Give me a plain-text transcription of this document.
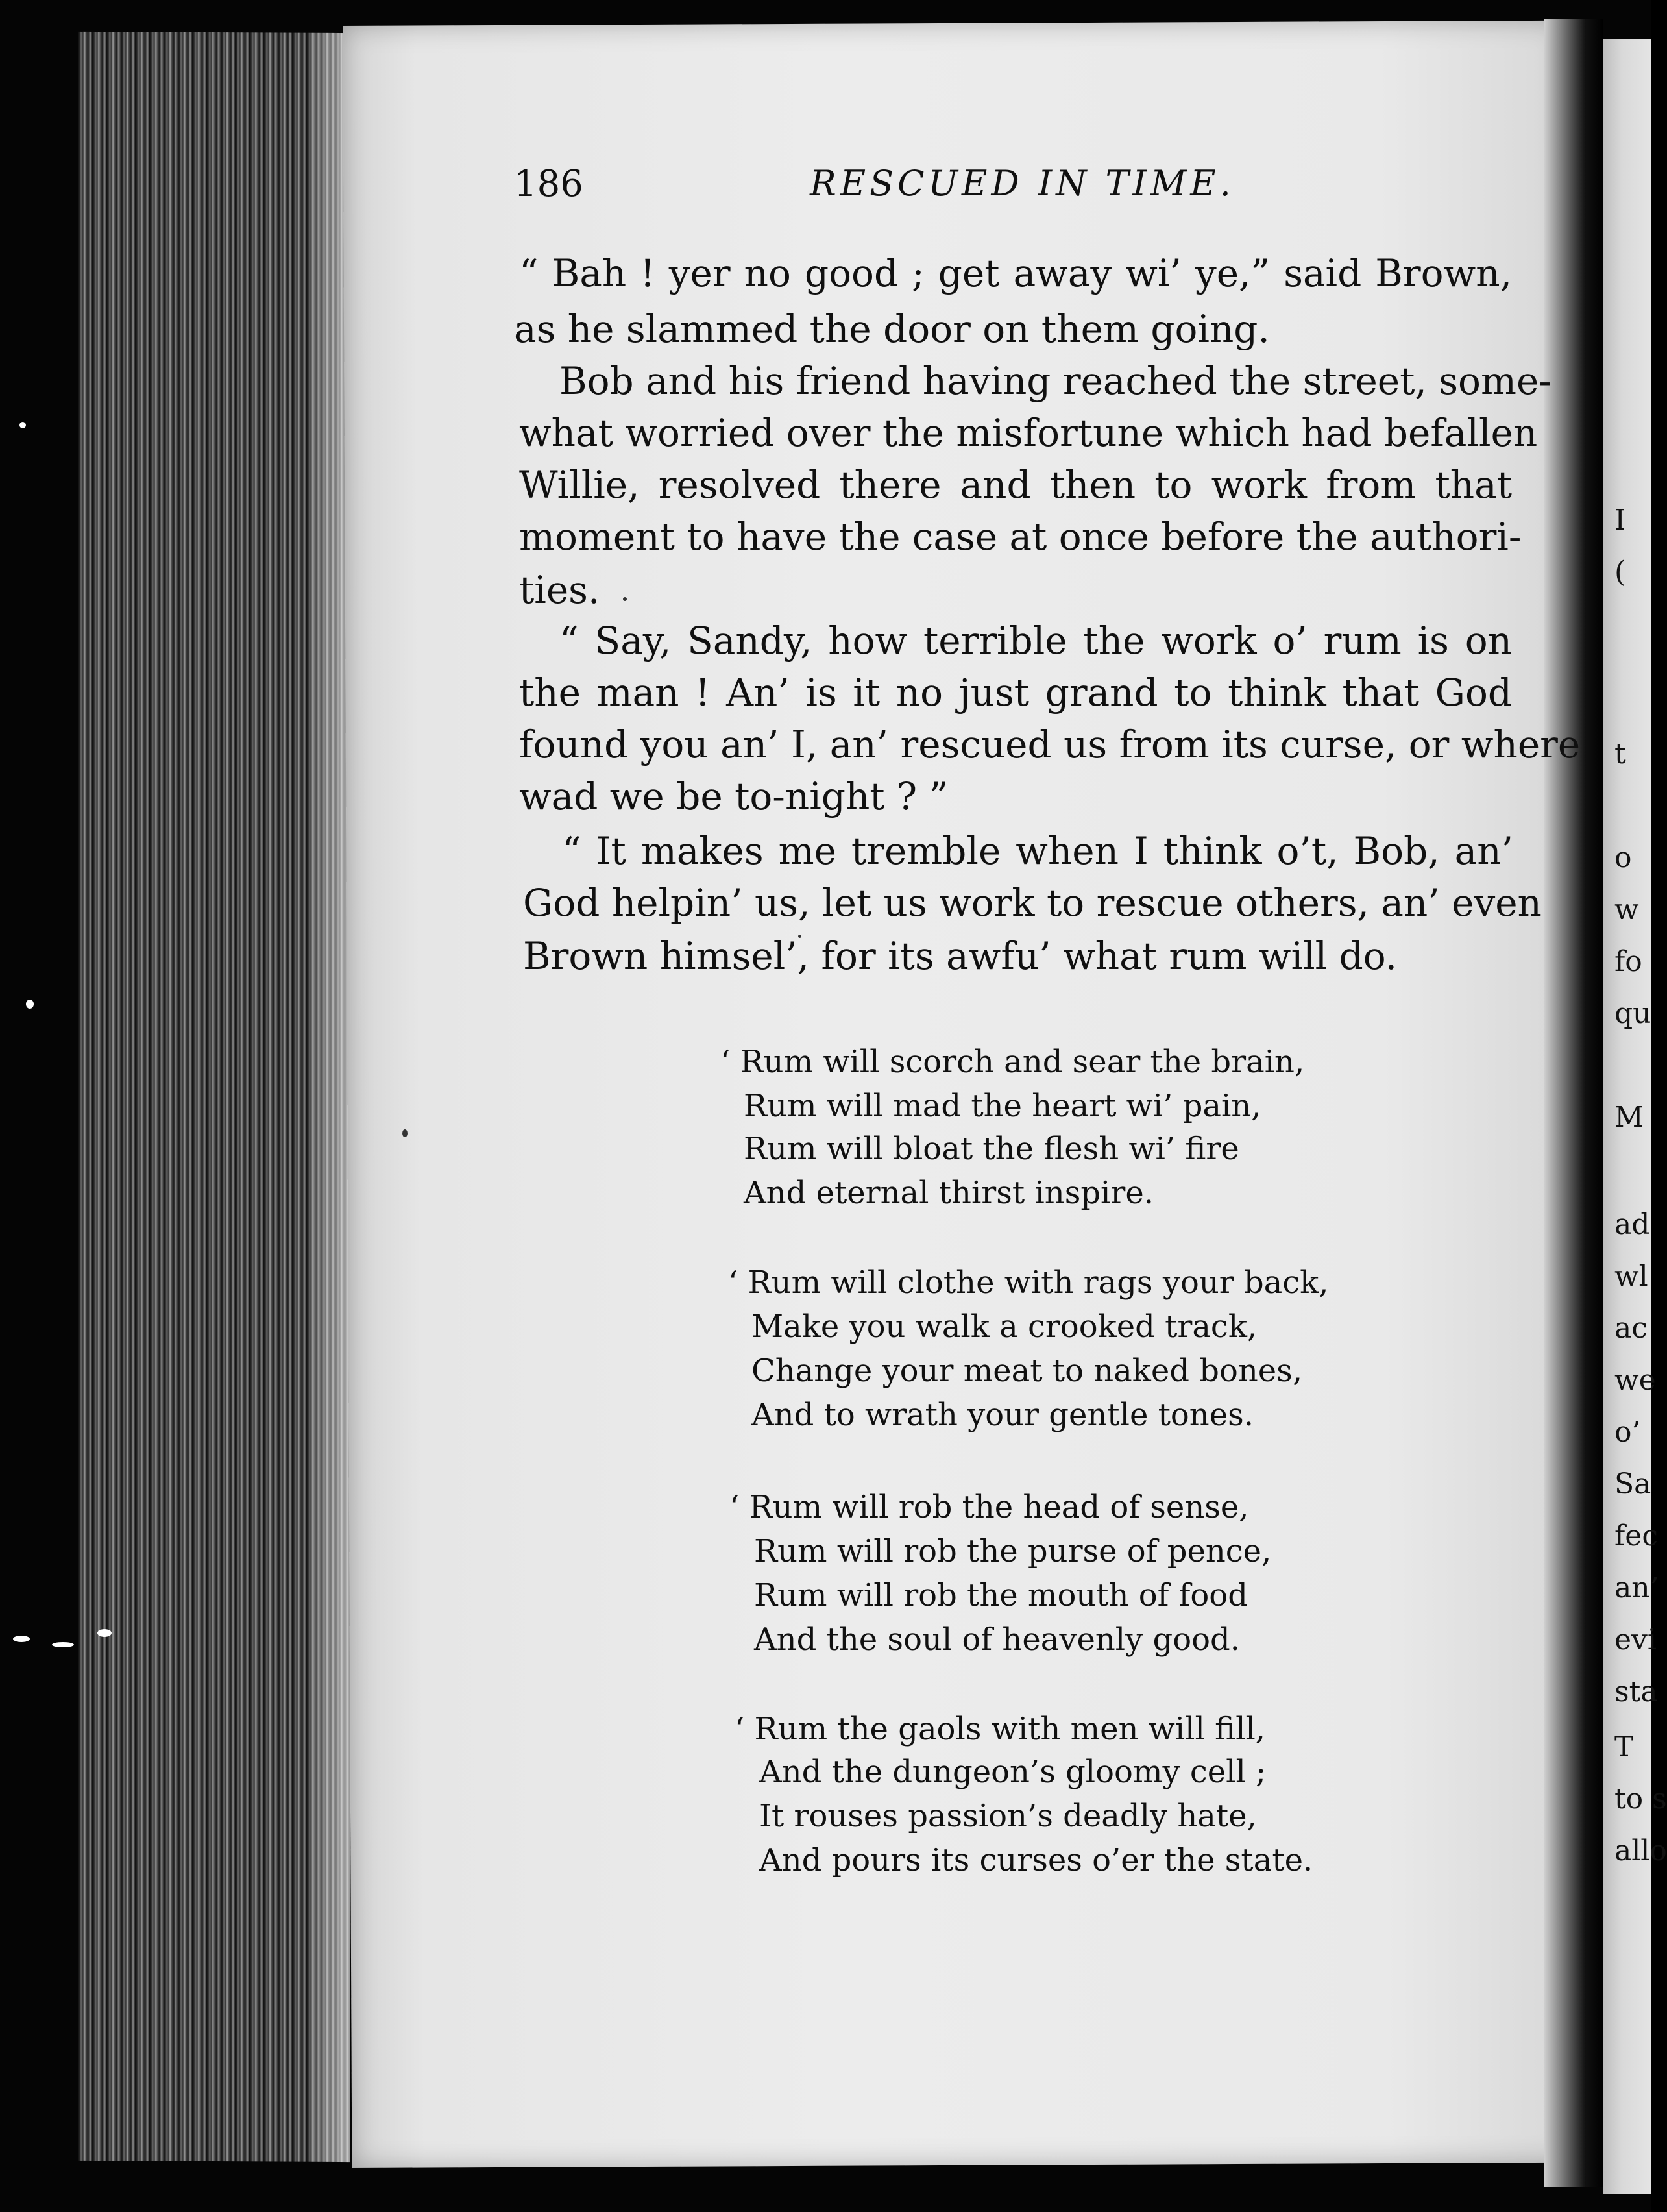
I
(
t
o
w
fo
qu
M
ad
wl
ac
we
o’
Sa
fec
an’
evi
sta
T
to s
allo
186	RESCUED IN TIME.
“ Bah ! yer no good ; get away wi’ ye,” said Brown,
as he slammed the door on them going.
Bob and his friend having reached the street, some-
what worried over the misfortune which had befallen
Willie, resolved there and then to work from that
moment to have the case at once before the authori-
ties.
“ Say, Sandy, how terrible the work o’ rum is on
the man ! An’ is it no just grand to think that God
found you an’ I, an’ rescued us from its curse, or where
wad we be to-night ? ”
“ It makes me tremble when I think o’t, Bob, an’
God helpin’ us, let us work to rescue others, an’ even
Brown himsel’, for its awfu’ what rum will do.
‘ Rum will scorch and sear the brain,
Rum will mad the heart wi’ pain,
Rum will bloat the flesh wi’ fire
And eternal thirst inspire.
‘ Rum will clothe with rags your back,
Make you walk a crooked track,
Change your meat to naked bones,
And to wrath your gentle tones.
‘ Rum will rob the head of sense,
Rum will rob the purse of pence,
Rum will rob the mouth of food
And the soul of heavenly good.
‘ Rum the gaols with men will fill,
And the dungeon’s gloomy cell ;
It rouses passion’s deadly hate,
And pours its curses o’er the state.
